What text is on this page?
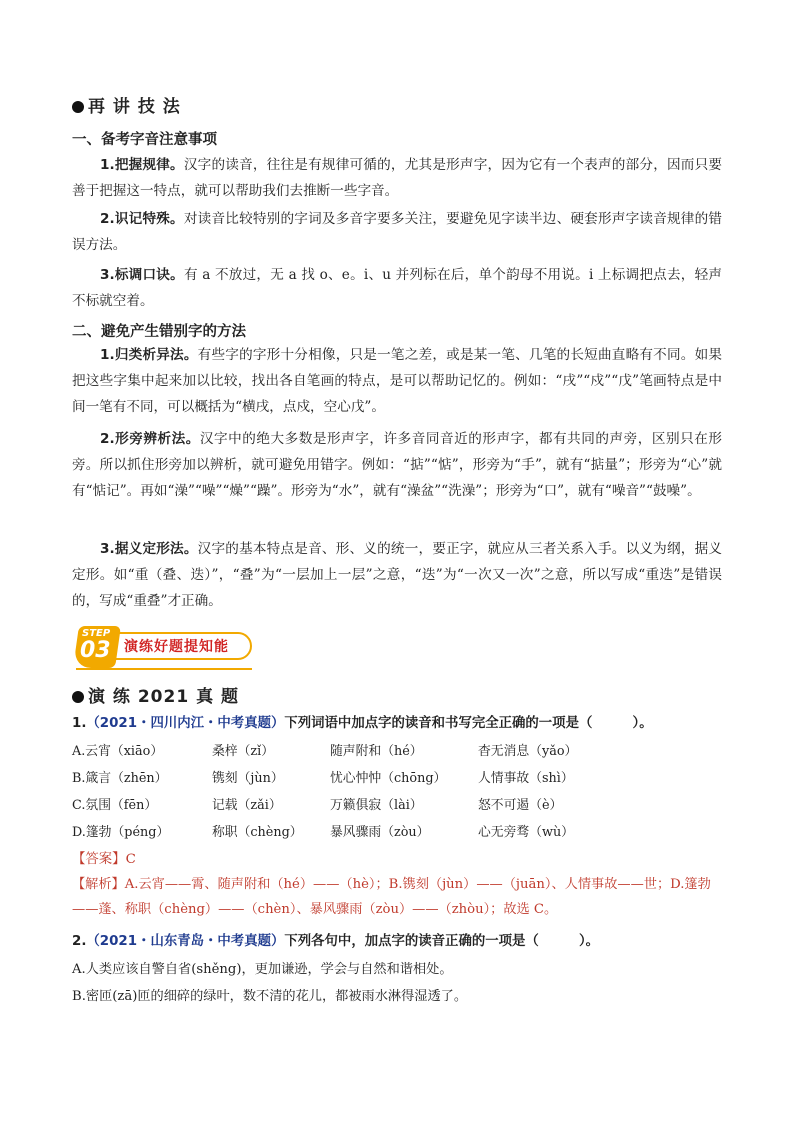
再 讲 技 法
一、备考字音注意事项
1.把握规律。汉字的读音，往往是有规律可循的，尤其是形声字，因为它有一个表声的部分，因而只要善于把握这一特点，就可以帮助我们去推断一些字音。
2.识记特殊。对读音比较特别的字词及多音字要多关注，要避免见字读半边、硬套形声字读音规律的错误方法。
3.标调口诀。有 a 不放过，无 a 找 o、e。i、u 并列标在后，单个韵母不用说。i 上标调把点去，轻声不标就空着。
二、避免产生错别字的方法
1.归类析异法。有些字的字形十分相像，只是一笔之差，或是某一笔、几笔的长短曲直略有不同。如果把这些字集中起来加以比较，找出各自笔画的特点，是可以帮助记忆的。例如：“戌”“戍”“戊”笔画特点是中间一笔有不同，可以概括为“横戌，点戍，空心戊”。
2.形旁辨析法。汉字中的绝大多数是形声字，许多音同音近的形声字，都有共同的声旁，区别只在形旁。所以抓住形旁加以辨析，就可避免用错字。例如：“掂”“惦”，形旁为“手”，就有“掂量”；形旁为“心”就有“惦记”。再如“澡”“噪”“燥”“躁”。形旁为“水”，就有“澡盆”“洗澡”；形旁为“口”，就有“噪音”“鼓噪”。
3.据义定形法。汉字的基本特点是音、形、义的统一，要正字，就应从三者关系入手。以义为纲，据义定形。如“重（叠、迭）”，“叠”为“一层加上一层”之意，“迭”为“一次又一次”之意，所以写成“重迭”是错误的，写成“重叠”才正确。
STEP
03 演练好题提知能
演 练 2021 真 题
1.（2021・四川内江・中考真题）下列词语中加点字的读音和书写完全正确的一项是（　　　）。
A.云宵（xiāo）	桑梓（zǐ）	随声附和（hé）	杳无消息（yǎo）
B.箴言（zhēn）	镌刻（jùn）	忧心忡忡（chōng） 人情事故（shì）
C.氛围（fēn）	记载（zǎi）	万籁俱寂（lài）	怒不可遏（è）
D.篷勃（péng）	称职（chèng） 暴风骤雨（zòu）	心无旁骛（wù）
【答案】C
【解析】A.云宵——霄、随声附和（hé）——（hè）；B.镌刻（jùn）——（juān）、人情事故——世；D.篷勃——蓬、称职（chèng）——（chèn）、暴风骤雨（zòu）——（zhòu）；故选 C。
2.（2021・山东青岛・中考真题）下列各句中，加点字的读音正确的一项是（　　　）。
A.人类应该自警自省(shěng)，更加谦逊，学会与自然和谐相处。
B.密匝(zā)匝的细碎的绿叶，数不清的花儿，都被雨水淋得湿透了。
